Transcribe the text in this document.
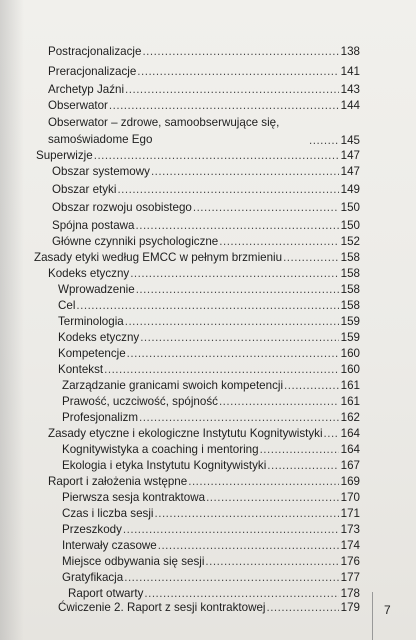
Postracjonalizacje .....	138
Preracjonalizacje .....	141
Archetyp Jaźni .....	143
Obserwator .....	144
Obserwator – zdrowe, samoobserwujące się, samoświadome Ego .....	145
Superwizje .....	147
Obszar systemowy .....	147
Obszar etyki .....	149
Obszar rozwoju osobistego .....	150
Spójna postawa .....	150
Główne czynniki psychologiczne .....	152
Zasady etyki według EMCC w pełnym brzmieniu .....	158
Kodeks etyczny .....	158
Wprowadzenie .....	158
Cel .....	158
Terminologia .....	159
Kodeks etyczny .....	159
Kompetencje .....	160
Kontekst .....	160
Zarządzanie granicami swoich kompetencji .....	161
Prawość, uczciwość, spójność .....	161
Profesjonalizm .....	162
Zasady etyczne i ekologiczne Instytutu Kognitywistyki ..... 164
Kognitywistyka a coaching i mentoring .....	164
Ekologia i etyka Instytutu Kognitywistyki .....	167
Raport i założenia wstępne .....	169
Pierwsza sesja kontraktowa .....	170
Czas i liczba sesji .....	171
Przeszkody .....	173
Interwały czasowe .....	174
Miejsce odbywania się sesji .....	176
Gratyfikacja .....	177
Raport otwarty .....	178
Ćwiczenie 2. Raport z sesji kontraktowej .....	179 7
